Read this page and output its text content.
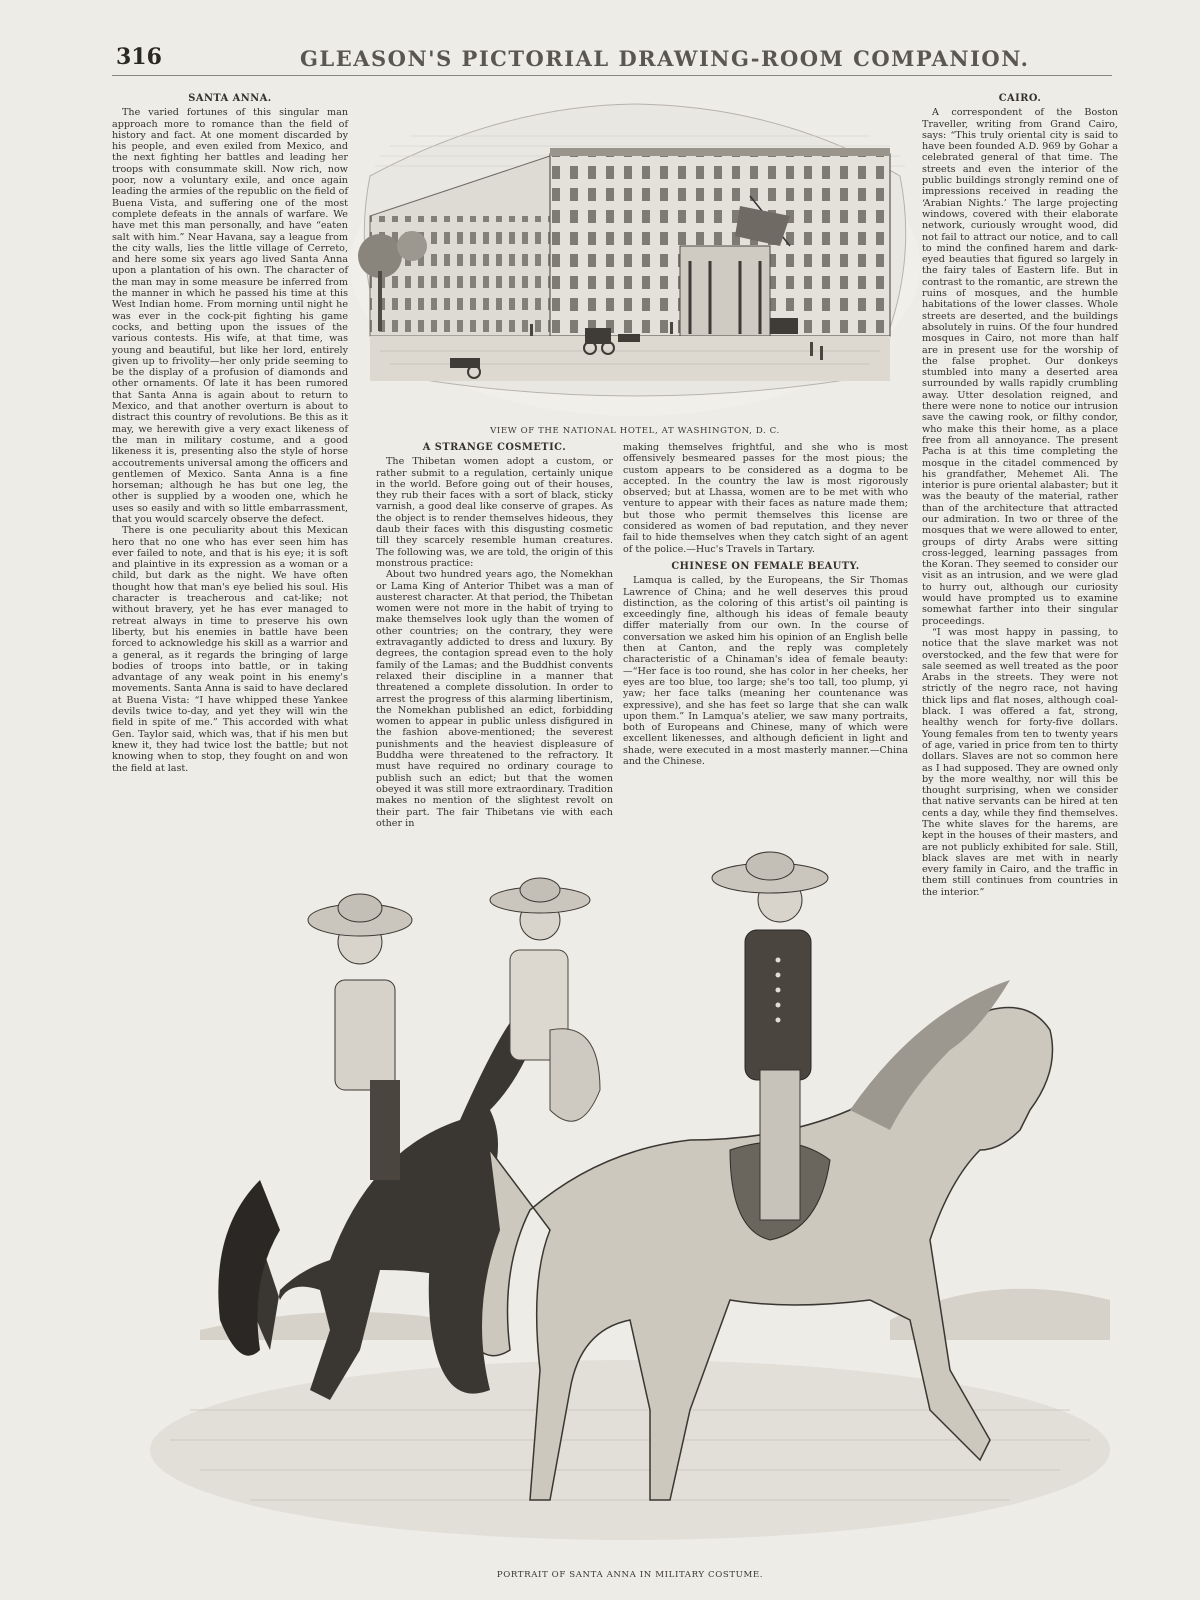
316	GLEASON'S PICTORIAL DRAWING-ROOM COMPANION.
SANTA ANNA.

The varied fortunes of this singular man approach more to romance than the field of history and fact. At one moment discarded by his people, and even exiled from Mexico, and the next fighting her battles and leading her troops with consummate skill. Now rich, now poor, now a voluntary exile, and once again leading the armies of the republic on the field of Buena Vista, and suffering one of the most complete defeats in the annals of warfare. We have met this man personally, and have “eaten salt with him.” Near Havana, say a league from the city walls, lies the little village of Cerreto, and here some six years ago lived Santa Anna upon a plantation of his own. The character of the man may in some measure be inferred from the manner in which he passed his time at this West Indian home. From morning until night he was ever in the cock-pit fighting his game cocks, and betting upon the issues of the various contests. His wife, at that time, was young and beautiful, but like her lord, entirely given up to frivolity—her only pride seeming to be the display of a profusion of diamonds and other ornaments. Of late it has been rumored that Santa Anna is again about to return to Mexico, and that another overturn is about to distract this country of revolutions. Be this as it may, we herewith give a very exact likeness of the man in military costume, and a good likeness it is, presenting also the style of horse accoutrements universal among the officers and gentlemen of Mexico. Santa Anna is a fine horseman; although he has but one leg, the other is supplied by a wooden one, which he uses so easily and with so little embarrassment, that you would scarcely observe the defect.

There is one peculiarity about this Mexican hero that no one who has ever seen him has ever failed to note, and that is his eye; it is soft and plaintive in its expression as a woman or a child, but dark as the night. We have often thought how that man's eye belied his soul. His character is treacherous and cat-like; not without bravery, yet he has ever managed to retreat always in time to preserve his own liberty, but his enemies in battle have been forced to acknowledge his skill as a warrior and a general, as it regards the bringing of large bodies of troops into battle, or in taking advantage of any weak point in his enemy's movements. Santa Anna is said to have declared at Buena Vista: “I have whipped these Yankee devils twice to-day, and yet they will win the field in spite of me.” This accorded with what Gen. Taylor said, which was, that if his men but knew it, they had twice lost the battle; but not knowing when to stop, they fought on and won the field at last.

VIEW OF THE NATIONAL HOTEL, AT WASHINGTON, D. C.
A STRANGE COSMETIC.

The Thibetan women adopt a custom, or rather submit to a regulation, certainly unique in the world. Before going out of their houses, they rub their faces with a sort of black, sticky varnish, a good deal like conserve of grapes. As the object is to render themselves hideous, they daub their faces with this disgusting cosmetic till they scarcely resemble human creatures. The following was, we are told, the origin of this monstrous practice:

About two hundred years ago, the Nomekhan or Lama King of Anterior Thibet was a man of austerest character. At that period, the Thibetan women were not more in the habit of trying to make themselves look ugly than the women of other countries; on the contrary, they were extravagantly addicted to dress and luxury. By degrees, the contagion spread even to the holy family of the Lamas; and the Buddhist convents relaxed their discipline in a manner that threatened a complete dissolution. In order to arrest the progress of this alarming libertinism, the Nomekhan published an edict, forbidding women to appear in public unless disfigured in the fashion above-mentioned; the severest punishments and the heaviest displeasure of Buddha were threatened to the refractory. It must have required no ordinary courage to publish such an edict; but that the women obeyed it was still more extraordinary. Tradition makes no mention of the slightest revolt on their part. The fair Thibetans vie with each other in

making themselves frightful, and she who is most offensively besmeared passes for the most pious; the custom appears to be considered as a dogma to be accepted. In the country the law is most rigorously observed; but at Lhassa, women are to be met with who venture to appear with their faces as nature made them; but those who permit themselves this license are considered as women of bad reputation, and they never fail to hide themselves when they catch sight of an agent of the police.—Huc's Travels in Tartary.

CHINESE ON FEMALE BEAUTY.

Lamqua is called, by the Europeans, the Sir Thomas Lawrence of China; and he well deserves this proud distinction, as the coloring of this artist's oil painting is exceedingly fine, although his ideas of female beauty differ materially from our own. In the course of conversation we asked him his opinion of an English belle then at Canton, and the reply was completely characteristic of a Chinaman's idea of female beauty:—“Her face is too round, she has color in her cheeks, her eyes are too blue, too large; she's too tall, too plump, yi yaw; her face talks (meaning her countenance was expressive), and she has feet so large that she can walk upon them.” In Lamqua's atelier, we saw many portraits, both of Europeans and Chinese, many of which were excellent likenesses, and although deficient in light and shade, were executed in a most masterly manner.—China and the Chinese.

CAIRO.

A correspondent of the Boston Traveller, writing from Grand Cairo, says: “This truly oriental city is said to have been founded A.D. 969 by Gohar a celebrated general of that time. The streets and even the interior of the public buildings strongly remind one of impressions received in reading the ‘Arabian Nights.’ The large projecting windows, covered with their elaborate network, curiously wrought wood, did not fail to attract our notice, and to call to mind the confined harem and dark-eyed beauties that figured so largely in the fairy tales of Eastern life. But in contrast to the romantic, are strewn the ruins of mosques, and the humble habitations of the lower classes. Whole streets are deserted, and the buildings absolutely in ruins. Of the four hundred mosques in Cairo, not more than half are in present use for the worship of the false prophet. Our donkeys stumbled into many a deserted area surrounded by walls rapidly crumbling away. Utter desolation reigned, and there were none to notice our intrusion save the cawing rook, or filthy condor, who make this their home, as a place free from all annoyance. The present Pacha is at this time completing the mosque in the citadel commenced by his grandfather, Mehemet Ali. The interior is pure oriental alabaster; but it was the beauty of the material, rather than of the architecture that attracted our admiration. In two or three of the mosques that we were allowed to enter, groups of dirty Arabs were sitting cross-legged, learning passages from the Koran. They seemed to consider our visit as an intrusion, and we were glad to hurry out, although our curiosity would have prompted us to examine somewhat farther into their singular proceedings.

“I was most happy in passing, to notice that the slave market was not overstocked, and the few that were for sale seemed as well treated as the poor Arabs in the streets. They were not strictly of the negro race, not having thick lips and flat noses, although coal-black. I was offered a fat, strong, healthy wench for forty-five dollars. Young females from ten to twenty years of age, varied in price from ten to thirty dollars. Slaves are not so common here as I had supposed. They are owned only by the more wealthy, nor will this be thought surprising, when we consider that native servants can be hired at ten cents a day, while they find themselves. The white slaves for the harems, are kept in the houses of their masters, and are not publicly exhibited for sale. Still, black slaves are met with in nearly every family in Cairo, and the traffic in them still continues from countries in the interior.”

PORTRAIT OF SANTA ANNA IN MILITARY COSTUME.
